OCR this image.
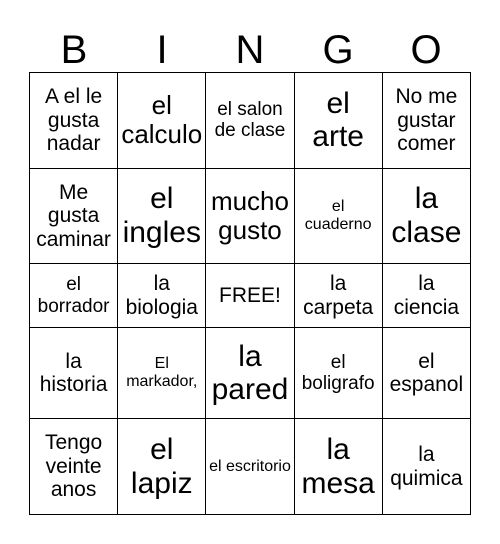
B	I	N	G	O
A el le gusta nadar	el calculo	el salon de clase	el arte	No me gustar comer
Me gusta caminar	el ingles	mucho gusto	el cuaderno	la clase
el borrador	la biologia	FREE!	la carpeta	la ciencia
la historia	El markador,	la pared	el boligrafo	el espanol
Tengo veinte anos	el lapiz	el escritorio	la mesa	la quimica
